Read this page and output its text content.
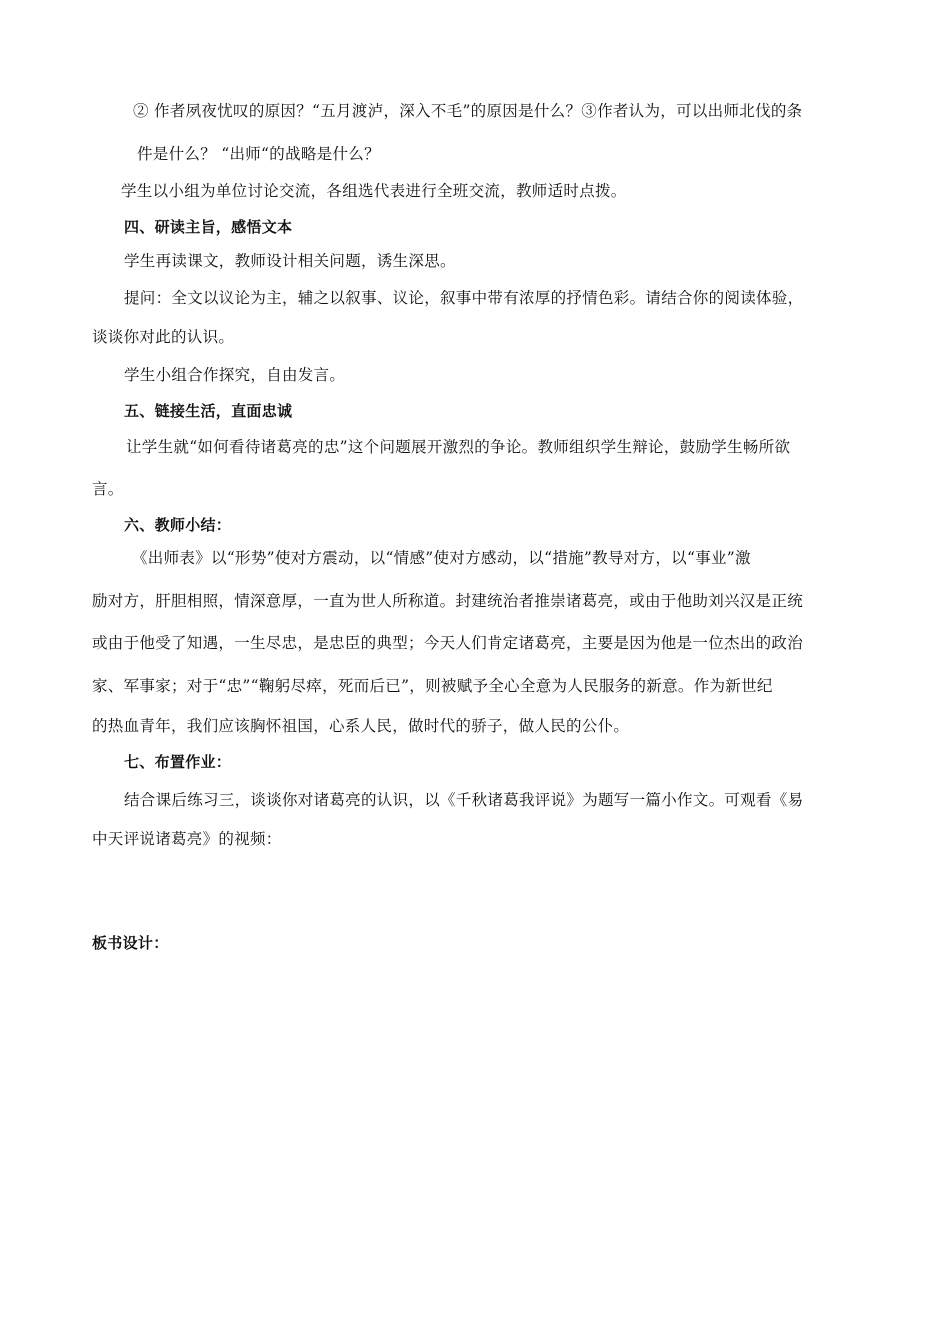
② 作者夙夜忧叹的原因？“五月渡泸，深入不毛”的原因是什么？③作者认为，可以出师北伐的条
件是什么？ “出师“的战略是什么？
学生以小组为单位讨论交流，各组选代表进行全班交流，教师适时点拨。
四、研读主旨，感悟文本
学生再读课文，教师设计相关问题，诱生深思。
提问：全文以议论为主，辅之以叙事、议论，叙事中带有浓厚的抒情色彩。请结合你的阅读体验，
谈谈你对此的认识。
学生小组合作探究，自由发言。
五、链接生活，直面忠诚
让学生就“如何看待诸葛亮的忠”这个问题展开激烈的争论。教师组织学生辩论，鼓励学生畅所欲
言。
六、教师小结：
《出师表》以“形势”使对方震动，以“情感”使对方感动，以“措施”教导对方，以“事业”激
励对方，肝胆相照，情深意厚，一直为世人所称道。封建统治者推崇诸葛亮，或由于他助刘兴汉是正统
或由于他受了知遇，一生尽忠，是忠臣的典型；今天人们肯定诸葛亮，主要是因为他是一位杰出的政治
家、军事家；对于“忠”“鞠躬尽瘁，死而后已”，则被赋予全心全意为人民服务的新意。作为新世纪
的热血青年，我们应该胸怀祖国，心系人民，做时代的骄子，做人民的公仆。
七、布置作业：
结合课后练习三，谈谈你对诸葛亮的认识，以《千秋诸葛我评说》为题写一篇小作文。可观看《易
中天评说诸葛亮》的视频：
板书设计：
